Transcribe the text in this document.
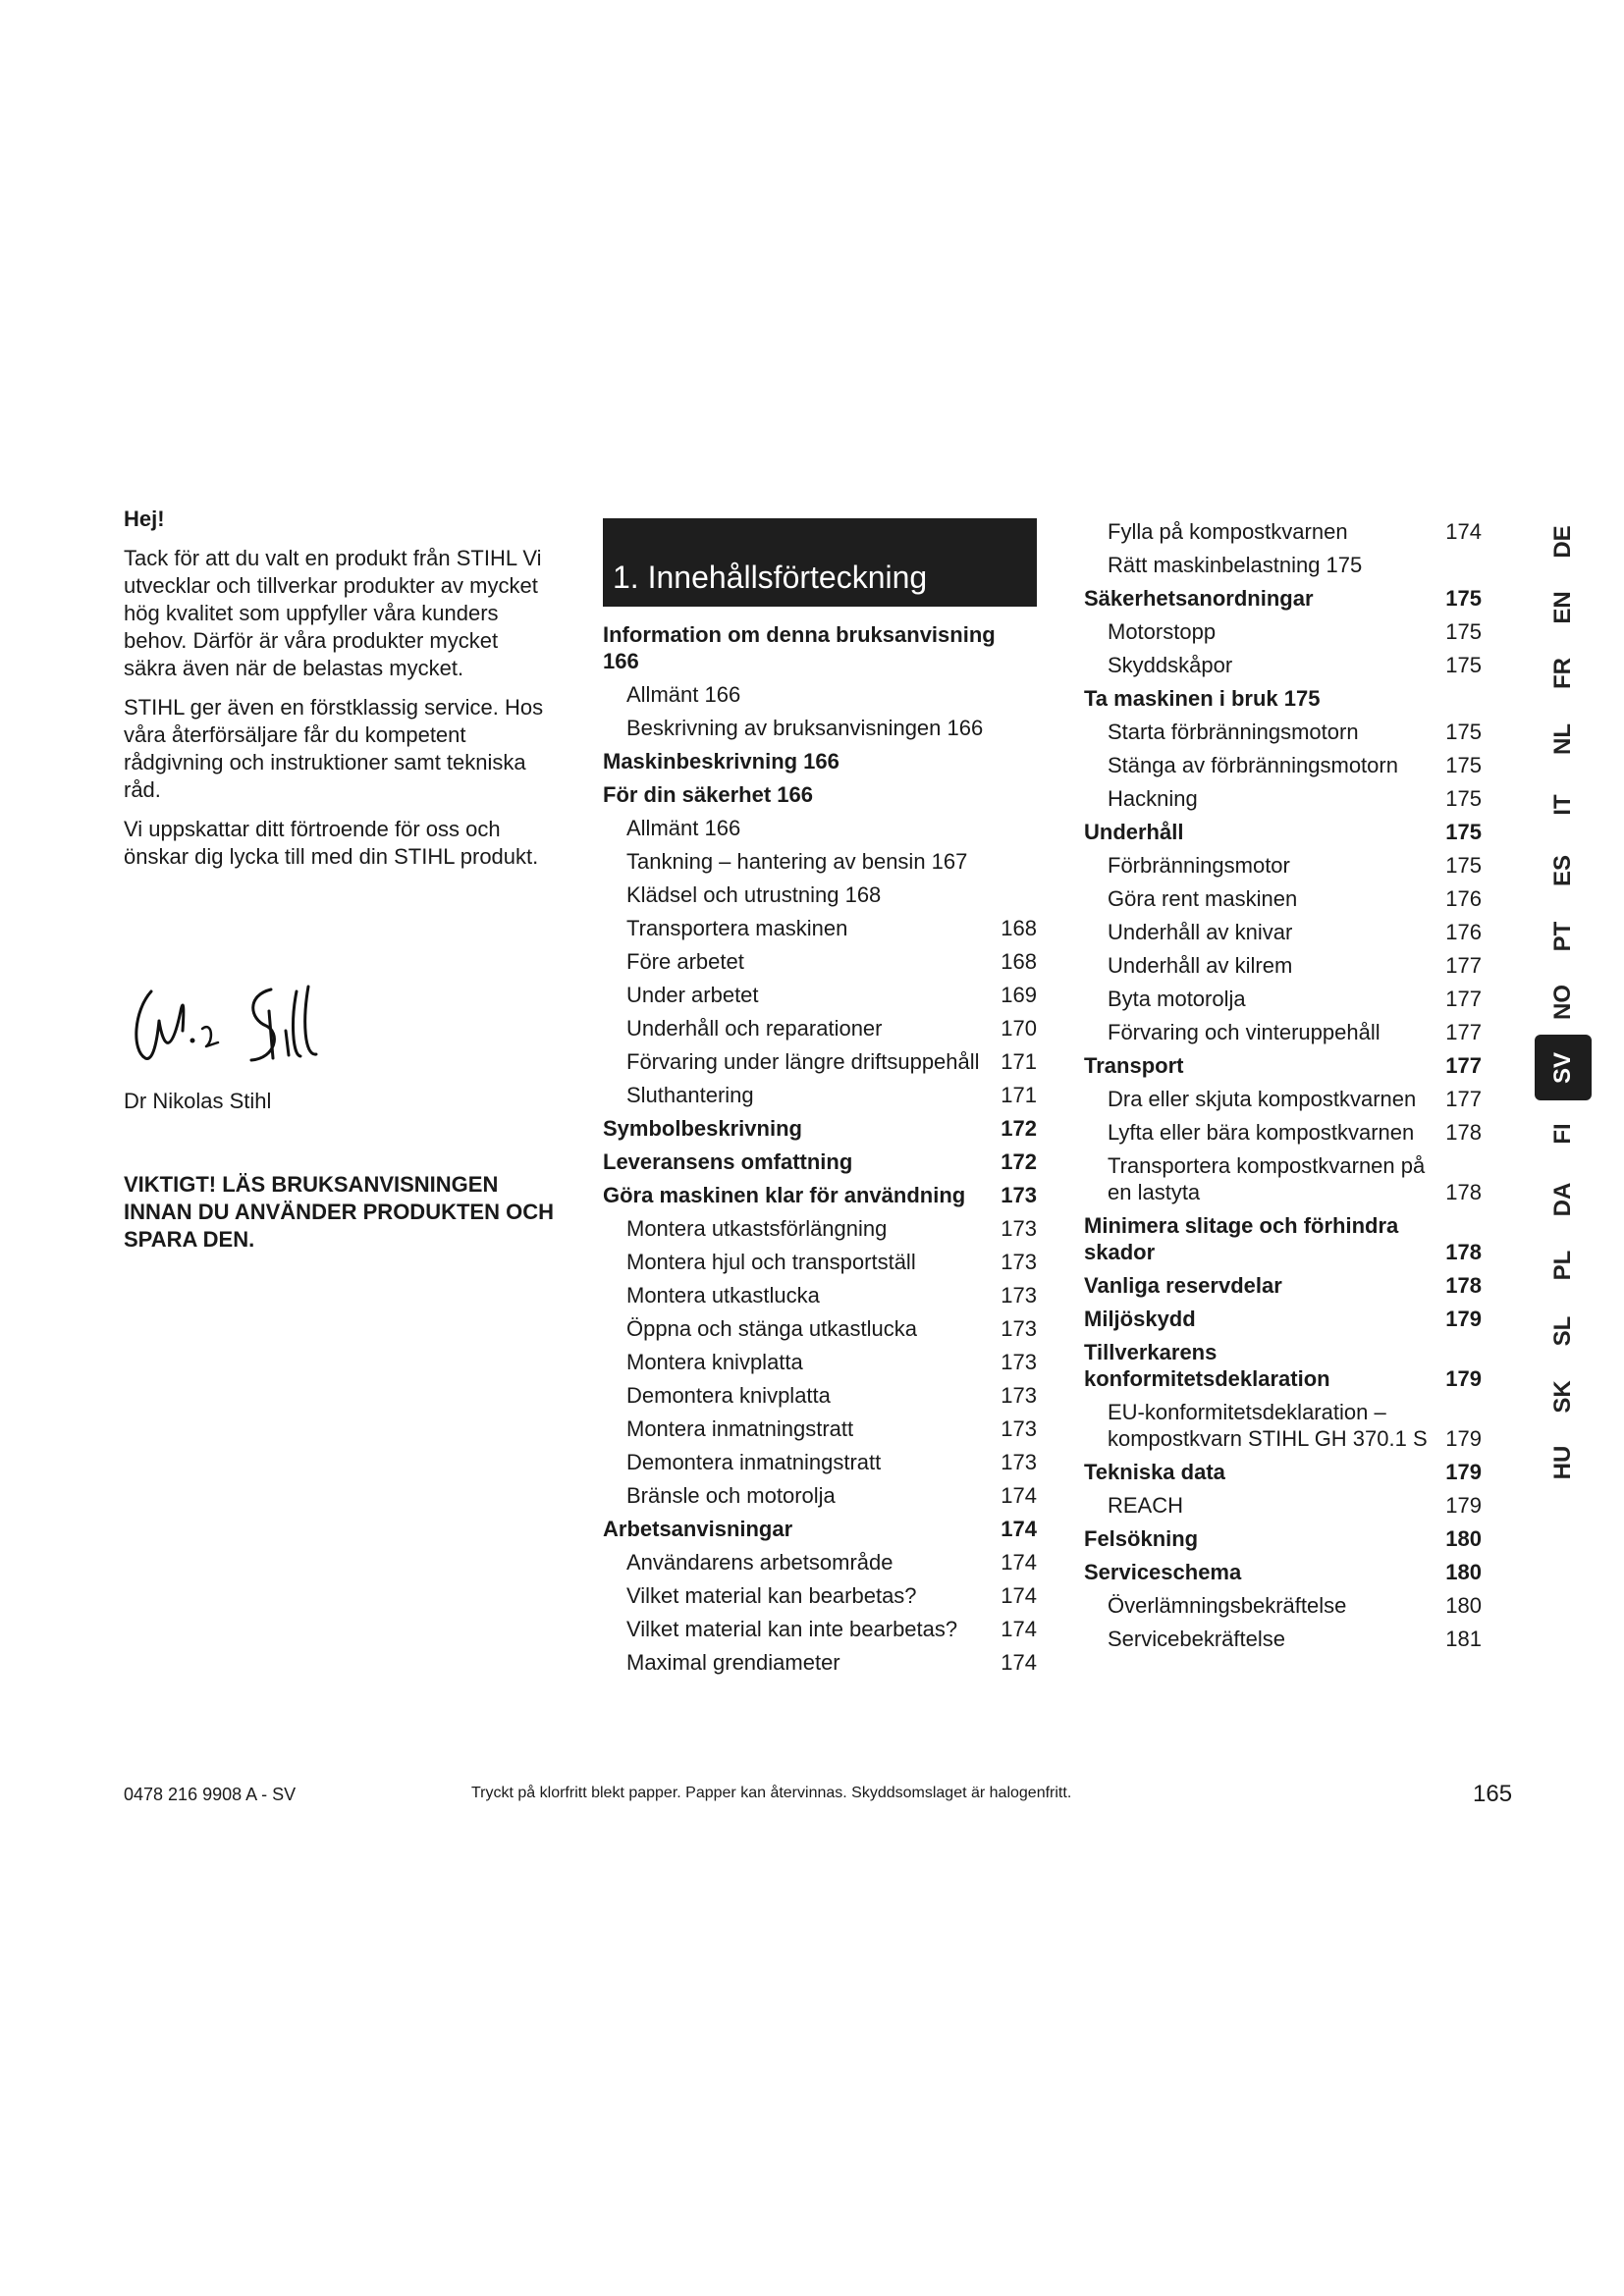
Hej!

Tack för att du valt en produkt från STIHL Vi utvecklar och tillverkar produkter av mycket hög kvalitet som uppfyller våra kunders behov. Därför är våra produkter mycket säkra även när de belastas mycket.

STIHL ger även en förstklassig service. Hos våra återförsäljare får du kompetent rådgivning och instruktioner samt tekniska råd.

Vi uppskattar ditt förtroende för oss och önskar dig lycka till med din STIHL produkt.

N. Stihl
Dr Nikolas Stihl
VIKTIGT! LÄS BRUKSANVISNINGEN INNAN DU ANVÄNDER PRODUKTEN OCH SPARA DEN.
1. Innehållsförteckning
Information om denna bruksanvisning 166
Allmänt 166
Beskrivning av bruksanvisningen 166
Maskinbeskrivning 166
För din säkerhet 166
Allmänt 166
Tankning – hantering av bensin 167
Klädsel och utrustning 168
Transportera maskinen	168
Före arbetet	168
Under arbetet	169
Underhåll och reparationer	170
Förvaring under längre driftsuppehåll 171
Sluthantering	171
Symbolbeskrivning	172
Leveransens omfattning	172
Göra maskinen klar för användning	173
Montera utkastsförlängning	173
Montera hjul och transportställ	173
Montera utkastlucka	173
Öppna och stänga utkastlucka	173
Montera knivplatta	173
Demontera knivplatta	173
Montera inmatningstratt	173
Demontera inmatningstratt	173
Bränsle och motorolja	174
Arbetsanvisningar	174
Användarens arbetsområde	174
Vilket material kan bearbetas?	174
Vilket material kan inte bearbetas?	174
Maximal grendiameter	174
Fylla på kompostkvarnen	174
Rätt maskinbelastning 175
Säkerhetsanordningar	175
Motorstopp	175
Skyddskåpor	175
Ta maskinen i bruk 175
Starta förbränningsmotorn	175
Stänga av förbränningsmotorn	175
Hackning	175
Underhåll	175
Förbränningsmotor	175
Göra rent maskinen	176
Underhåll av knivar	176
Underhåll av kilrem	177
Byta motorolja	177
Förvaring och vinteruppehåll	177
Transport	177
Dra eller skjuta kompostkvarnen	177
Lyfta eller bära kompostkvarnen	178
Transportera kompostkvarnen på en lastyta	178
Minimera slitage och förhindra skador	178
Vanliga reservdelar	178
Miljöskydd	179
Tillverkarens konformitetsdeklaration	179
EU-konformitetsdeklaration – kompostkvarn STIHL GH 370.1 S 179
Tekniska data	179
REACH	179
Felsökning	180
Serviceschema	180
Överlämningsbekräftelse	180
Servicebekräftelse	181
DE
EN
FR
NL
IT
ES
PT
NO
SV
FI
DA
PL
SL
SK
HU
0478 216 9908 A - SV	Tryckt på klorfritt blekt papper. Papper kan återvinnas. Skyddsomslaget är halogenfritt.	165
